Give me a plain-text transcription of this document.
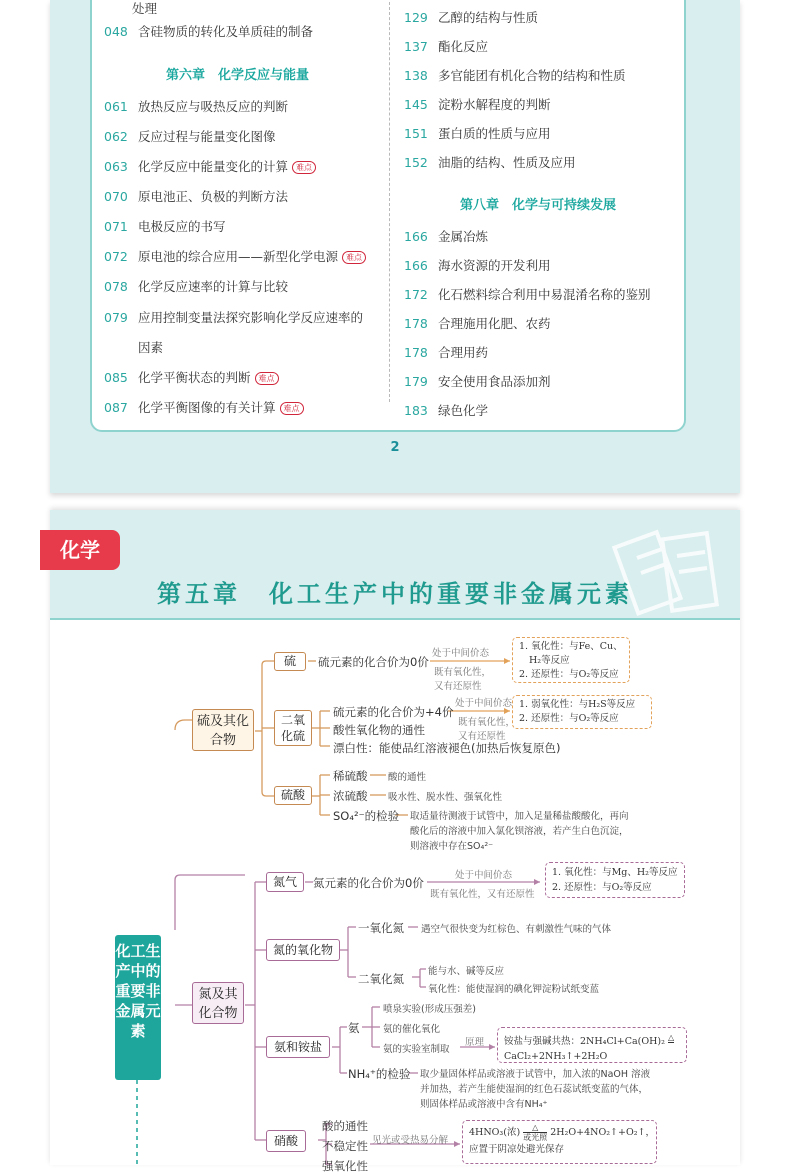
处理
048 含硅物质的转化及单质硅的制备
第六章　化学反应与能量
061 放热反应与吸热反应的判断
062 反应过程与能量变化图像
063 化学反应中能量变化的计算 难点
070 原电池正、负极的判断方法
071 电极反应的书写
072 原电池的综合应用——新型化学电源 难点
078 化学反应速率的计算与比较
079 应用控制变量法探究影响化学反应速率的
因素
085 化学平衡状态的判断 难点
087 化学平衡图像的有关计算 难点
129 乙醇的结构与性质
137 酯化反应
138 多官能团有机化合物的结构和性质
145 淀粉水解程度的判断
151 蛋白质的性质与应用
152 油脂的结构、性质及应用
第八章　化学与可持续发展
166 金属冶炼
166 海水资源的开发利用
172 化石燃料综合利用中易混淆名称的鉴别
178 合理施用化肥、农药
178 合理用药
179 安全使用食品添加剂
183 绿色化学
2
化学
第五章　化工生产中的重要非金属元素
化工生产中的重要非金属元素
硫及其化合物
硫	硫元素的化合价为0价
处于中间价态
既有氧化性，
又有还原性
1. 氧化性：与Fe、Cu、
H₂等反应
2. 还原性：与O₂等反应
二氧化硫
硫元素的化合价为+4价
酸性氧化物的通性
漂白性：能使品红溶液褪色(加热后恢复原色)
处于中间价态
既有氧化性，
又有还原性
1. 弱氧化性：与H₂S等反应
2. 还原性：与O₂等反应
硫酸
稀硫酸 酸的通性
浓硫酸 吸水性、脱水性、强氧化性
SO₄²⁻的检验 取适量待测液于试管中，加入足量稀盐酸酸化，再向
酸化后的溶液中加入氯化钡溶液，若产生白色沉淀，
则溶液中存在SO₄²⁻
氮及其化合物
氮气	氮元素的化合价为0价
处于中间价态
既有氧化性，又有还原性
1. 氧化性：与Mg、H₂等反应
2. 还原性：与O₂等反应
氮的氧化物
一氧化氮 遇空气很快变为红棕色、有刺激性气味的气体
二氧化氮
能与水、碱等反应
氧化性：能使湿润的碘化钾淀粉试纸变蓝
氨和铵盐
氨
喷泉实验(形成压强差)
氨的催化氧化
氨的实验室制取
原理 铵盐与强碱共热：2NH₄Cl+Ca(OH)₂ △
CaCl₂+2NH₃↑+2H₂O
NH₄⁺的检验 取少量固体样品或溶液于试管中，加入浓的NaOH 溶液
并加热，若产生能使湿润的红色石蕊试纸变蓝的气体，
则固体样品或溶液中含有NH₄⁺
硝酸
酸的通性
不稳定性
强氧化性
见光或受热易分解
4HNO₃(浓)	△
或光照 2H₂O+4NO₂↑+O₂↑，
应置于阴凉处避光保存
